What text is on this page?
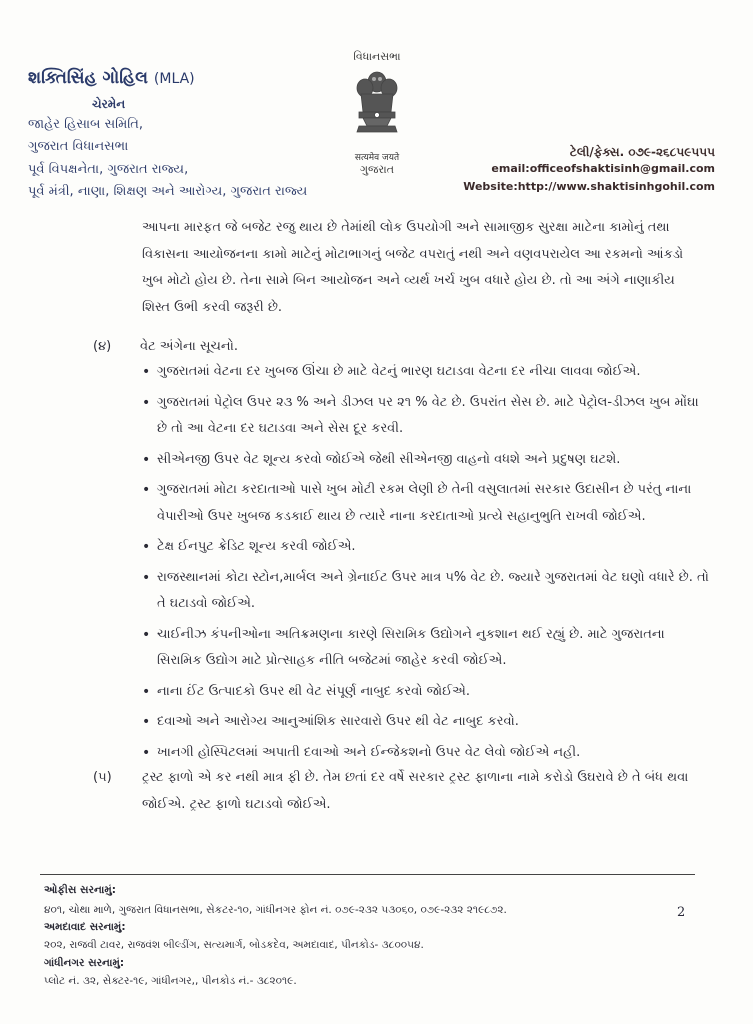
શક્તિસિંહ ગોહિલ (MLA)
ચેરમેન
જાહેર હિસાબ સમિતિ,
ગુજરાત વિધાનસભા
પૂર્વ વિપક્ષનેતા, ગુજરાત રાજ્ય,
પૂર્વ મંત્રી, નાણા, શિક્ષણ અને આરોગ્ય, ગુજરાત રાજ્ય
વિધાનસભા
सत्यमेव जयते
ગુજરાત
ટેલી/ફેક્સ. ૦૭૯-૨૬૮૫૯૫૫૫
email:officeofshaktisinh@gmail.com
Website:http://www.shaktisinhgohil.com
આપના મારફત જે બજેટ રજુ થાય છે તેમાંથી લોક ઉપયોગી અને સામાજીક સુરક્ષા માટેના કામોનું તથા વિકાસના આયોજનના કામો માટેનું મોટાભાગનું બજેટ વપરાતું નથી અને વણવપરાયેલ આ રકમનો આંકડો ખુબ મોટો હોય છે. તેના સામે બિન આયોજન અને વ્યર્થ ખર્ચ ખુબ વધારે હોય છે. તો આ અંગે નાણાકીય શિસ્ત ઉભી કરવી જરૂરી છે.
(૪) વેટ અંગેના સૂચનો.
• ગુજરાતમાં વેટના દર ખુબજ ઊંચા છે માટે વેટનું ભારણ ઘટાડવા વેટના દર નીચા લાવવા જોઈએ.
• ગુજરાતમાં પેટ્રોલ ઉપર ૨૩ % અને ડીઝલ પર ૨૧ % વેટ છે. ઉપરાંત સેસ છે. માટે પેટ્રોલ-ડીઝલ ખુબ મોંઘા છે તો આ વેટના દર ઘટાડવા અને સેસ દૂર કરવી.
• સીએનજી ઉપર વેટ શૂન્ય કરવો જોઈએ જેથી સીએનજી વાહનો વધશે અને પ્રદુષણ ઘટશે.
• ગુજરાતમાં મોટા કરદાતાઓ પાસે ખુબ મોટી રકમ લેણી છે તેની વસુલાતમાં સરકાર ઉદાસીન છે પરંતુ નાના વેપારીઓ ઉપર ખુબજ કડકાઈ થાય છે ત્યારે નાના કરદાતાઓ પ્રત્યે સહાનુભુતિ રાખવી જોઈએ.
• ટેક્ષ ઈનપુટ ક્રેડિટ શૂન્ય કરવી જોઈએ.
• રાજસ્થાનમાં કોટા સ્ટોન,માર્બલ અને ગ્રેનાઈટ ઉપર માત્ર ૫% વેટ છે. જ્યારે ગુજરાતમાં વેટ ઘણો વધારે છે. તો તે ઘટાડવો જોઈએ.
• ચાઈનીઝ કંપનીઓના અતિક્રમણના કારણે સિરામિક ઉદ્યોગને નુકશાન થઈ રહ્યું છે. માટે ગુજરાતના સિરામિક ઉદ્યોગ માટે પ્રોત્સાહક નીતિ બજેટમાં જાહેર કરવી જોઈએ.
• નાના ઈંટ ઉત્પાદકો ઉપર થી વેટ સંપૂર્ણ નાબુદ કરવો જોઈએ.
• દવાઓ અને આરોગ્ય આનુઆંશિક સારવારો ઉપર થી વેટ નાબુદ કરવો.
• ખાનગી હોસ્પિટલમાં અપાતી દવાઓ અને ઈન્જેકશનો ઉપર વેટ લેવો જોઈએ નહી.
(૫) ટ્રસ્ટ ફાળો એ કર નથી માત્ર ફી છે. તેમ છતાં દર વર્ષે સરકાર ટ્રસ્ટ ફાળાના નામે કરોડો ઉઘરાવે છે તે બંધ થવા જોઈએ. ટ્રસ્ટ ફાળો ઘટાડવો જોઈએ.
ઓફીસ સરનામું:
૪૦૧, ચોથા માળે, ગુજરાત વિધાનસભા, સેકટર-૧૦, ગાંધીનગર ફોન નં. ૦૭૯-૨૩૨ ૫૩૦૬૦, ૦૭૯-૨૩૨ ૨૧૯૮૭૨.
અમદાવાદ સરનામું:
૨૦૨, રાજવી ટાવર, રાજવંશ બીલ્ડીંગ, સત્યમાર્ગ, બોડકદેવ, અમદાવાદ, પીનકોડ- ૩૮૦૦૫૪.
ગાંધીનગર સરનામું:
પ્લોટ નં. ૩૨, સેક્ટર-૧૯, ગાંધીનગર,, પીનકોડ નં.- ૩૮૨૦૧૯.
2
